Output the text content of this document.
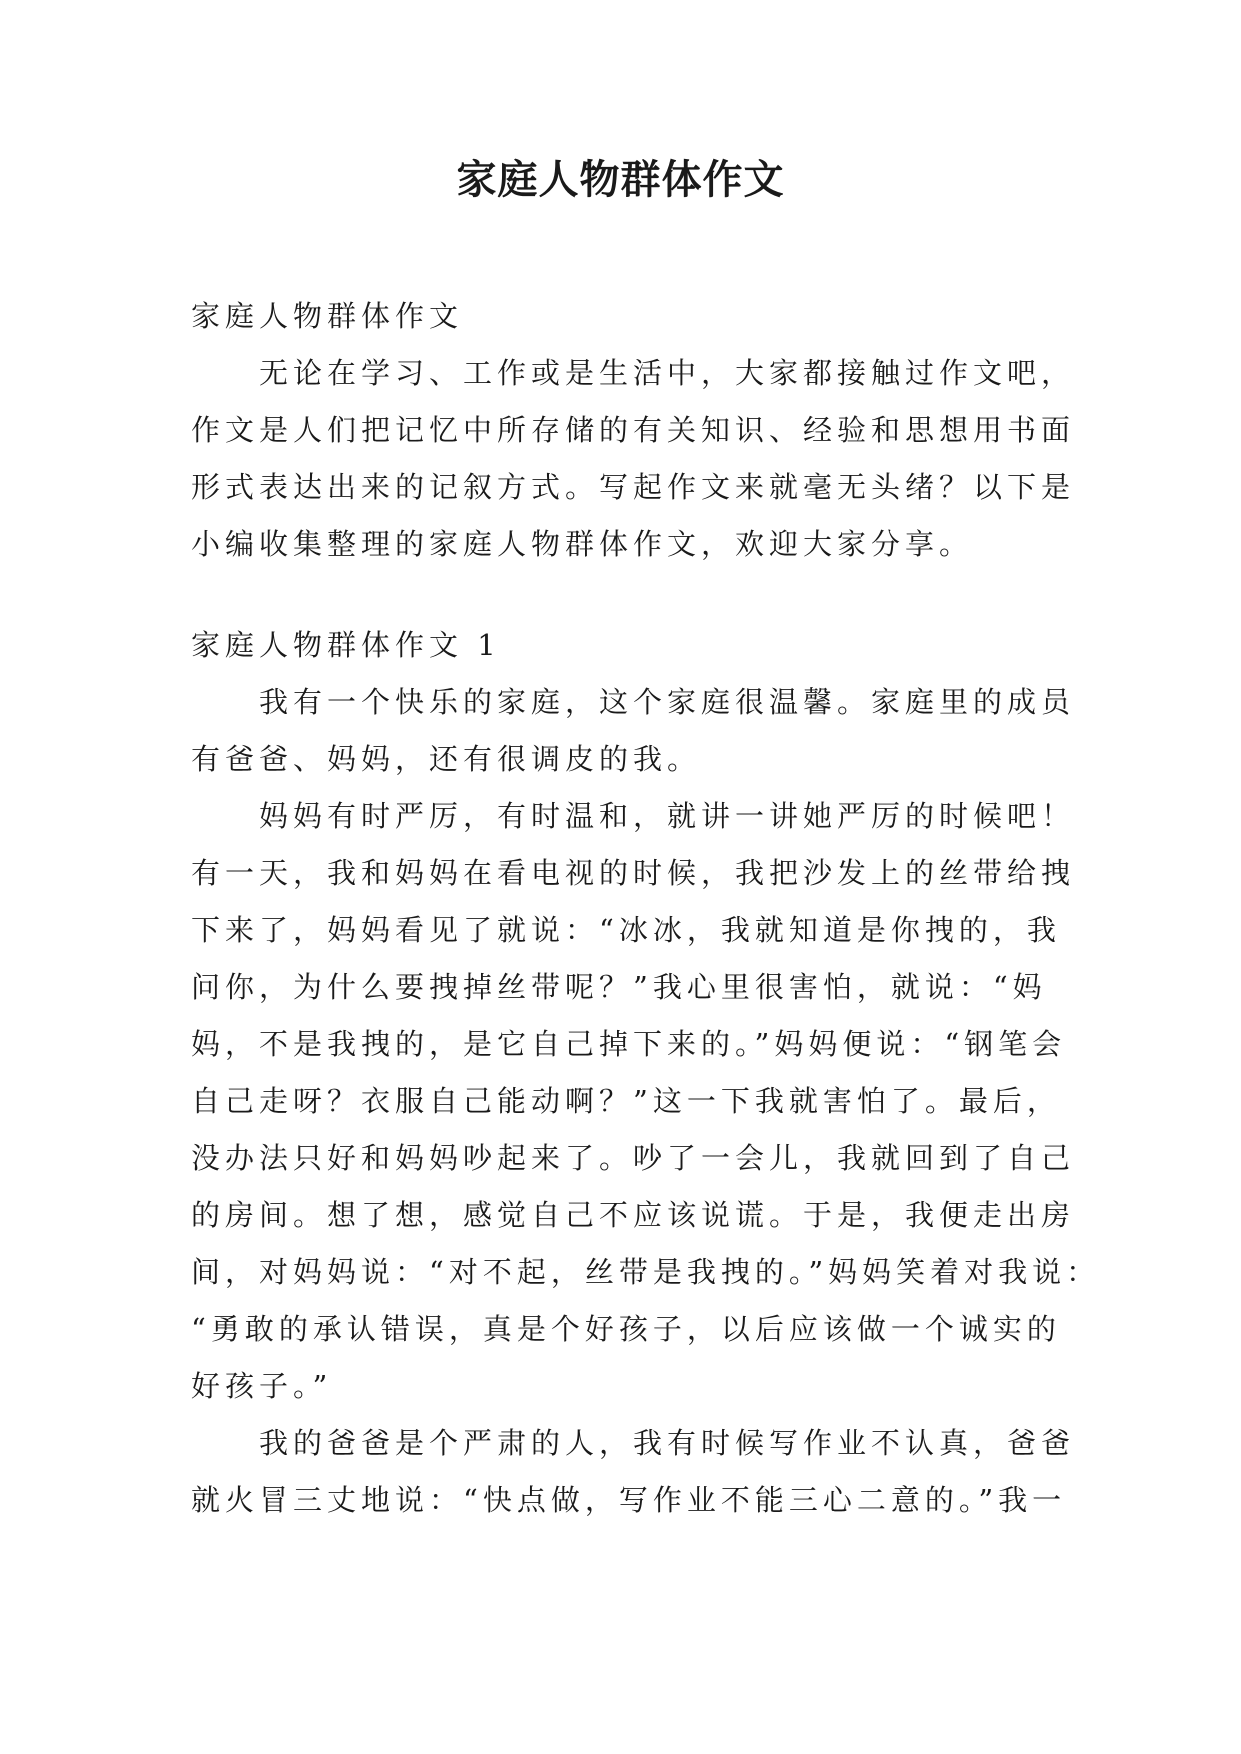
家庭人物群体作文
家庭人物群体作文
无论在学习、工作或是生活中，大家都接触过作文吧，
作文是人们把记忆中所存储的有关知识、经验和思想用书面
形式表达出来的记叙方式。写起作文来就毫无头绪？以下是
小编收集整理的家庭人物群体作文，欢迎大家分享。
家庭人物群体作文 1
我有一个快乐的家庭，这个家庭很温馨。家庭里的成员
有爸爸、妈妈，还有很调皮的我。
妈妈有时严厉，有时温和，就讲一讲她严厉的时候吧！
有一天，我和妈妈在看电视的时候，我把沙发上的丝带给拽
下来了，妈妈看见了就说：“冰冰，我就知道是你拽的，我
问你，为什么要拽掉丝带呢？”我心里很害怕，就说：“妈
妈，不是我拽的，是它自己掉下来的。”妈妈便说：“钢笔会
自己走呀？衣服自己能动啊？”这一下我就害怕了。最后，
没办法只好和妈妈吵起来了。吵了一会儿，我就回到了自己
的房间。想了想，感觉自己不应该说谎。于是，我便走出房
间，对妈妈说：“对不起，丝带是我拽的。”妈妈笑着对我说：
“勇敢的承认错误，真是个好孩子，以后应该做一个诚实的
好孩子。”
我的爸爸是个严肃的人，我有时候写作业不认真，爸爸
就火冒三丈地说：“快点做，写作业不能三心二意的。”我一
